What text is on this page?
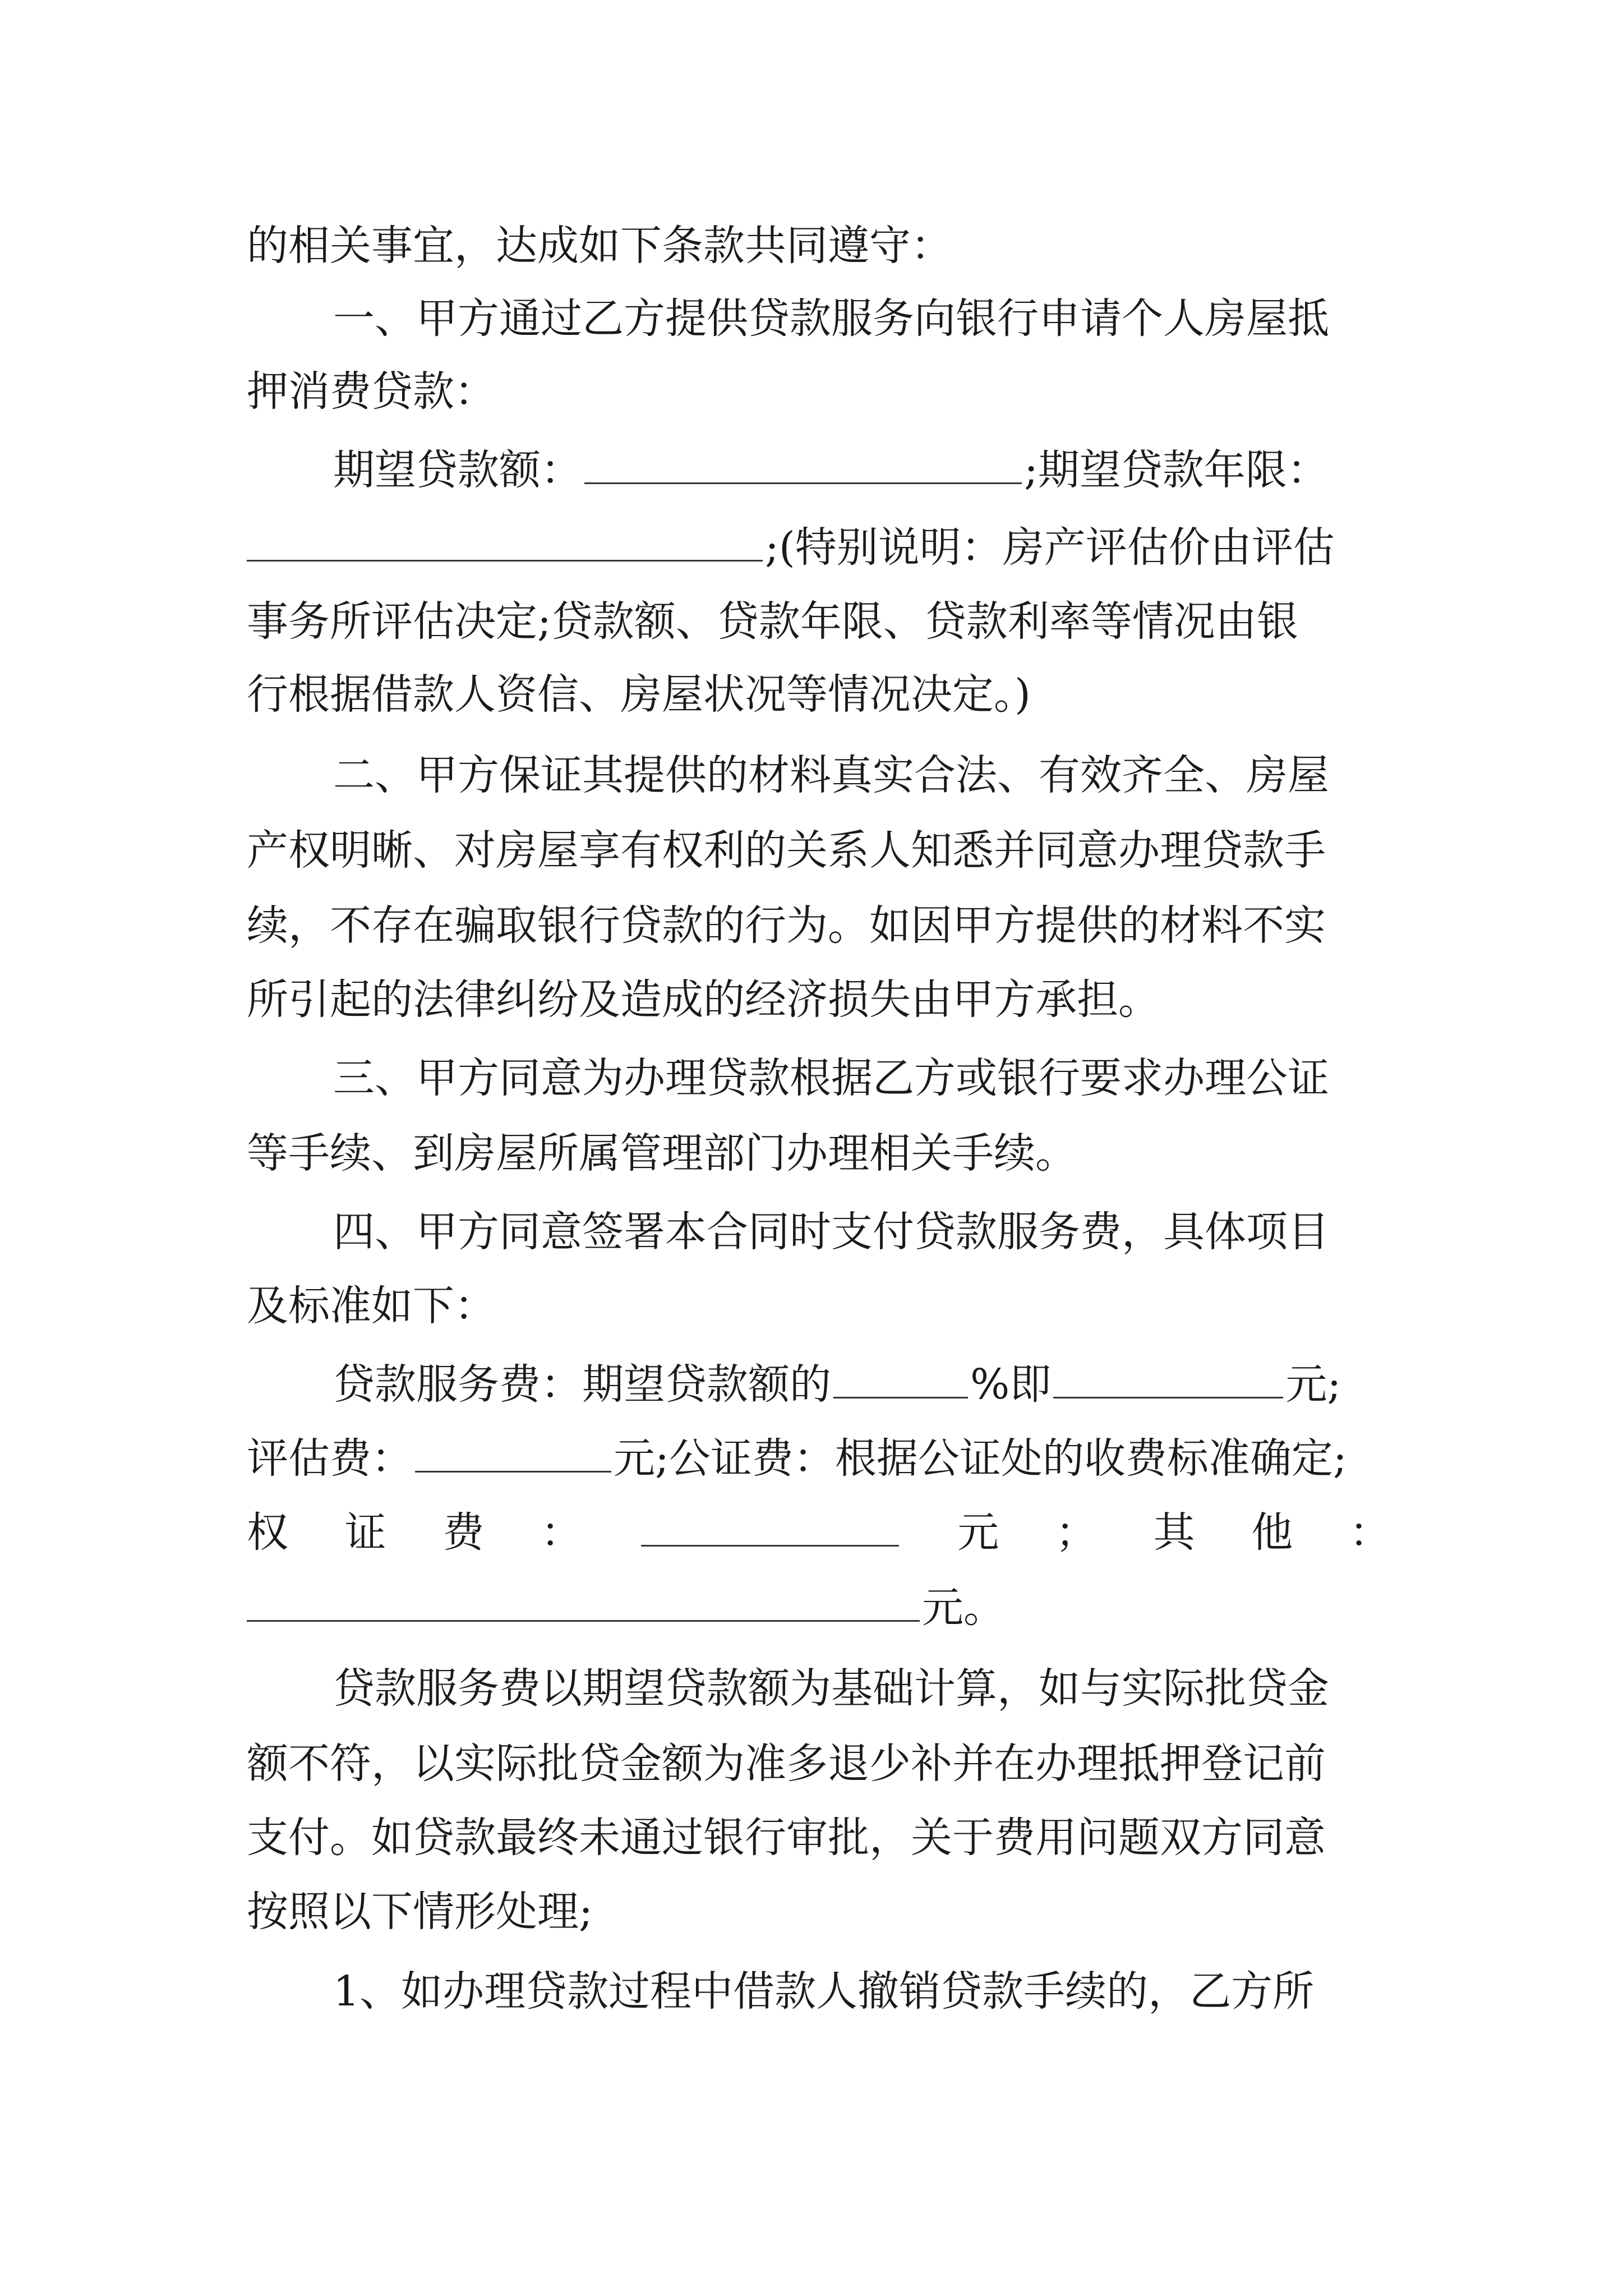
的相关事宜，达成如下条款共同遵守：
一、甲方通过乙方提供贷款服务向银行申请个人房屋抵
押消费贷款：
期望贷款额：	;期望贷款年限：
;(特别说明：房产评估价由评估
事务所评估决定;贷款额、贷款年限、贷款利率等情况由银
行根据借款人资信、房屋状况等情况决定。)
二、甲方保证其提供的材料真实合法、有效齐全、房屋
产权明晰、对房屋享有权利的关系人知悉并同意办理贷款手
续，不存在骗取银行贷款的行为。如因甲方提供的材料不实
所引起的法律纠纷及造成的经济损失由甲方承担。
三、甲方同意为办理贷款根据乙方或银行要求办理公证
等手续、到房屋所属管理部门办理相关手续。
四、甲方同意签署本合同时支付贷款服务费，具体项目
及标准如下：
贷款服务费：期望贷款额的	%即	元;
评估费：	元;公证费：根据公证处的收费标准确定;
权 证 费 ：	元 ； 其 他 ：
元。
贷款服务费以期望贷款额为基础计算，如与实际批贷金
额不符，以实际批贷金额为准多退少补并在办理抵押登记前
支付。如贷款最终未通过银行审批，关于费用问题双方同意
按照以下情形处理;
1、如办理贷款过程中借款人撤销贷款手续的，乙方所
